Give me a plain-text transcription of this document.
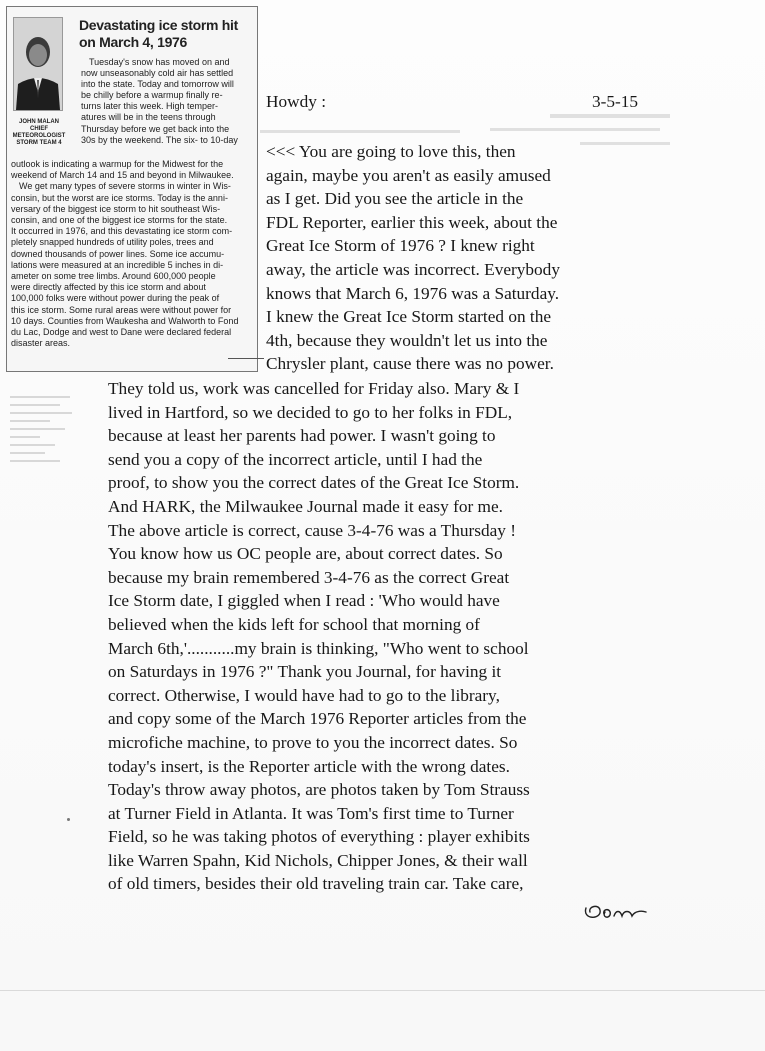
JOHN MALAN
CHIEF
METEOROLOGIST
STORM TEAM 4
Devastating ice storm hit on March 4, 1976
Tuesday's snow has moved on and
now unseasonably cold air has settled
into the state. Today and tomorrow will
be chilly before a warmup finally re-
turns later this week. High temper-
atures will be in the teens through
Thursday before we get back into the
30s by the weekend. The six- to 10-day
outlook is indicating a warmup for the Midwest for the
weekend of March 14 and 15 and beyond in Milwaukee.
We get many types of severe storms in winter in Wis-
consin, but the worst are ice storms. Today is the anni-
versary of the biggest ice storm to hit southeast Wis-
consin, and one of the biggest ice storms for the state.
It occurred in 1976, and this devastating ice storm com-
pletely snapped hundreds of utility poles, trees and
downed thousands of power lines. Some ice accumu-
lations were measured at an incredible 5 inches in di-
ameter on some tree limbs. Around 600,000 people
were directly affected by this ice storm and about
100,000 folks were without power during the peak of
this ice storm. Some rural areas were without power for
10 days. Counties from Waukesha and Walworth to Fond
du Lac, Dodge and west to Dane were declared federal
disaster areas.
Howdy :	3-5-15
<<< You are going to love this, then
again, maybe you aren't as easily amused
as I get. Did you see the article in the
FDL Reporter, earlier this week, about the
Great Ice Storm of 1976 ? I knew right
away, the article was incorrect. Everybody
knows that March 6, 1976 was a Saturday.
I knew the Great Ice Storm started on the
4th, because they wouldn't let us into the
Chrysler plant, cause there was no power.
They told us, work was cancelled for Friday also. Mary & I
lived in Hartford, so we decided to go to her folks in FDL,
because at least her parents had power. I wasn't going to
send you a copy of the incorrect article, until I had the
proof, to show you the correct dates of the Great Ice Storm.
And HARK, the Milwaukee Journal made it easy for me.
The above article is correct, cause 3-4-76 was a Thursday !
You know how us OC people are, about correct dates. So
because my brain remembered 3-4-76 as the correct Great
Ice Storm date, I giggled when I read : 'Who would have
believed when the kids left for school that morning of
March 6th,'...........my brain is thinking, "Who went to school
on Saturdays in 1976 ?" Thank you Journal, for having it
correct. Otherwise, I would have had to go to the library,
and copy some of the March 1976 Reporter articles from the
microfiche machine, to prove to you the incorrect dates. So
today's insert, is the Reporter article with the wrong dates.
Today's throw away photos, are photos taken by Tom Strauss
at Turner Field in Atlanta. It was Tom's first time to Turner
Field, so he was taking photos of everything : player exhibits
like Warren Spahn, Kid Nichols, Chipper Jones, & their wall
of old timers, besides their old traveling train car. Take care,
